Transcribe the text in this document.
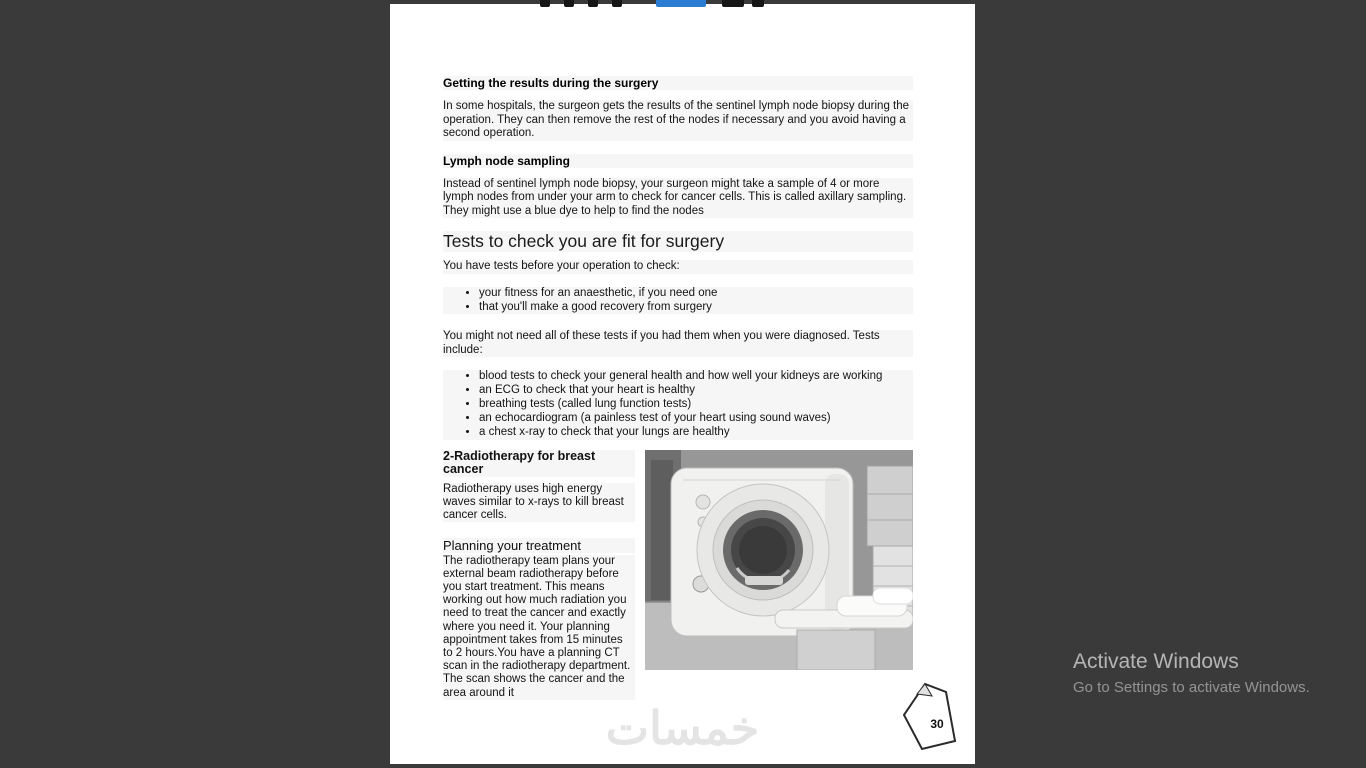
Getting the results during the surgery

In some hospitals, the surgeon gets the results of the sentinel lymph node biopsy during the operation. They can then remove the rest of the nodes if necessary and you avoid having a second operation.

Lymph node sampling

Instead of sentinel lymph node biopsy, your surgeon might take a sample of 4 or more lymph nodes from under your arm to check for cancer cells. This is called axillary sampling. They might use a blue dye to help to find the nodes

Tests to check you are fit for surgery

You have tests before your operation to check:

• your fitness for an anaesthetic, if you need one
• that you'll make a good recovery from surgery

You might not need all of these tests if you had them when you were diagnosed. Tests include:

• blood tests to check your general health and how well your kidneys are working
• an ECG to check that your heart is healthy
• breathing tests (called lung function tests)
• an echocardiogram (a painless test of your heart using sound waves)
• a chest x-ray to check that your lungs are healthy
2-Radiotherapy for breast cancer

Radiotherapy uses high energy waves similar to x-rays to kill breast cancer cells.

Planning your treatment

The radiotherapy team plans your external beam radiotherapy before you start treatment. This means working out how much radiation you need to treat the cancer and exactly where you need it. Your planning appointment takes from 15 minutes to 2 hours.You have a planning CT scan in the radiotherapy department. The scan shows the cancer and the area around it

خمسات	30
Activate Windows
Go to Settings to activate Windows.
